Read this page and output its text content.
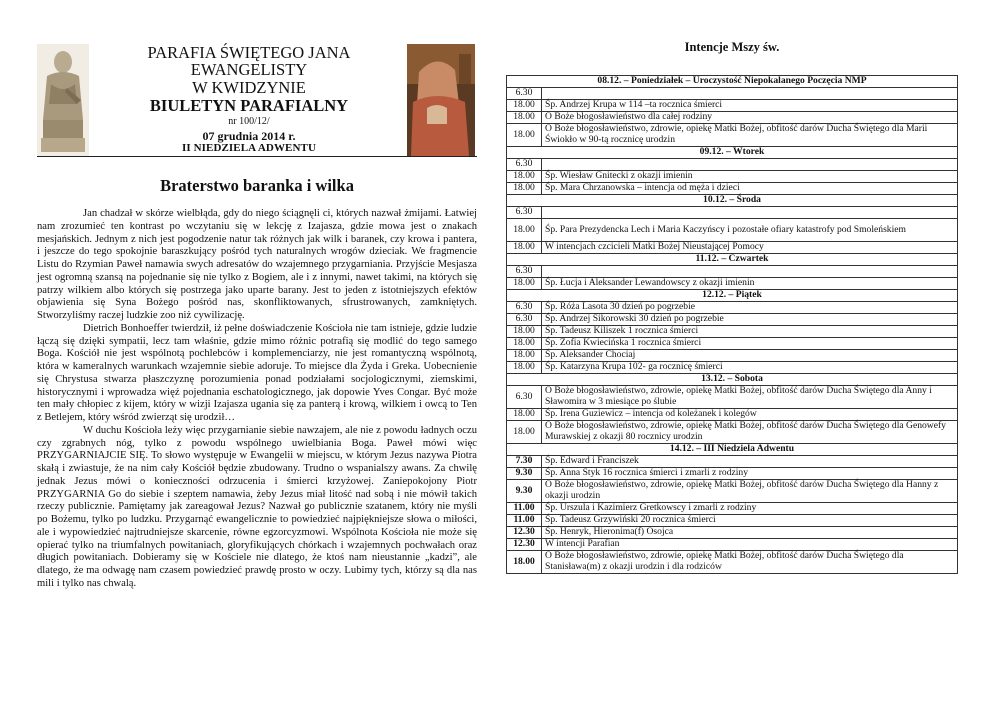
PARAFIA ŚWIĘTEGO JANA EWANGELISTY
W KWIDZYNIE
BIULETYN PARAFIALNY
nr 100/12/
07 grudnia 2014 r.
II NIEDZIELA ADWENTU
Braterstwo baranka i wilka

Jan chadzał w skórze wielbłąda, gdy do niego ściągnęli ci, których nazwał żmijami. Łatwiej nam zrozumieć ten kontrast po wczytaniu się w lekcję z Izajasza, gdzie mowa jest o znakach mesjańskich. Jednym z nich jest pogodzenie natur tak różnych jak wilk i baranek, czy krowa i pantera, i jeszcze do tego spokojnie baraszkujący pośród tych naturalnych wrogów dzieciak. We fragmencie Listu do Rzymian Paweł namawia swych adresatów do wzajemnego przygarniania. Przyjście Mesjasza jest ogromną szansą na pojednanie się nie tylko z Bogiem, ale i z innymi, nawet takimi, na których się patrzy wilkiem albo których się postrzega jako uparte barany. Jest to jeden z istotniejszych efektów objawienia się Syna Bożego pośród nas, skonfliktowanych, sfrustrowanych, zamkniętych. Stworzyliśmy raczej ludzkie zoo niż cywilizację.

Dietrich Bonhoeffer twierdził, iż pełne doświadczenie Kościoła nie tam istnieje, gdzie ludzie łączą się dzięki sympatii, lecz tam właśnie, gdzie mimo różnic potrafią się modlić do tego samego Boga. Kościół nie jest wspólnotą pochlebców i komplemenciarzy, nie jest romantyczną wspólnotą, która w kameralnych warunkach wzajemnie siebie adoruje. To miejsce dla Żyda i Greka. Uobecnienie się Chrystusa stwarza płaszczyznę porozumienia ponad podziałami socjologicznymi, ziemskimi, historycznymi i wprowadza więź pojednania eschatologicznego, jak dopowie Yves Congar. Być może ten mały chłopiec z kijem, który w wizji Izajasza ugania się za panterą i krową, wilkiem i owcą to Ten z Betlejem, który wśród zwierząt się urodził…

W duchu Kościoła leży więc przygarnianie siebie nawzajem, ale nie z powodu ładnych oczu czy zgrabnych nóg, tylko z powodu wspólnego uwielbiania Boga. Paweł mówi więc PRZYGARNIAJCIE SIĘ. To słowo występuje w Ewangelii w miejscu, w którym Jezus nazywa Piotra skałą i zwiastuje, że na nim cały Kościół będzie zbudowany. Trudno o wspanialszy awans. Za chwilę jednak Jezus mówi o konieczności odrzucenia i śmierci krzyżowej. Zaniepokojony Piotr PRZYGARNIA Go do siebie i szeptem namawia, żeby Jezus miał litość nad sobą i nie mówił takich rzeczy publicznie. Pamiętamy jak zareagował Jezus? Nazwał go publicznie szatanem, który nie myśli po Bożemu, tylko po ludzku. Przygarnąć ewangelicznie to powiedzieć najpiękniejsze słowa o miłości, ale i wypowiedzieć najtrudniejsze skarcenie, równe egzorcyzmowi. Wspólnota Kościoła nie może się opierać tylko na triumfalnych powitaniach, gloryfikujących chórkach i wzajemnych pochwałach oraz długich powitaniach. Dobieramy się w Kościele nie dlatego, że ktoś nam nieustannie „kadzi”, ale dlatego, że ma odwagę nam czasem powiedzieć prawdę prosto w oczy. Lubimy tych, którzy są dla nas mili i tylko nas chwalą.

Intencje Mszy św.
08.12. – Poniedziałek – Uroczystość Niepokalanego Poczęcia NMP	
6.30	
18.00	Śp. Andrzej Krupa w 114 –ta rocznica śmierci
18.00	O Boże błogosławieństwo dla całej rodziny
18.00	O Boże błogosławieństwo, zdrowie, opiekę Matki Bożej, obfitość darów Ducha Świętego dla Marii Świokło w 90-tą rocznicę urodzin
09.12. – Wtorek	
6.30	
18.00	Śp. Wiesław Gnitecki z okazji imienin
18.00	Śp. Mara Chrzanowska – intencja od męża i dzieci
10.12. – Środa	
6.30	
18.00	Śp. Para Prezydencka Lech i Maria Kaczyńscy i pozostałe ofiary katastrofy pod Smoleńskiem
18.00	W intencjach czcicieli Matki Bożej Nieustającej Pomocy
11.12. – Czwartek	
6.30	
18.00	Śp. Łucja i Aleksander Lewandowscy z okazji imienin
12.12. – Piątek	
6.30	Śp. Róża Lasota 30 dzień po pogrzebie
6.30	Śp. Andrzej Sikorowski 30 dzień po pogrzebie
18.00	Śp. Tadeusz Kiliszek 1 rocznica śmierci
18.00	Śp. Zofia Kwiecińska 1 rocznica śmierci
18.00	Śp. Aleksander Chociaj
18.00	Śp. Katarzyna Krupa 102- ga rocznicę śmierci
13.12. – Sobota	
6.30	O Boże błogosławieństwo, zdrowie, opiekę Matki Bożej, obfitość darów Ducha Świętego dla Anny i Sławomira w 3 miesiące po ślubie
18.00	Śp. Irena Guziewicz – intencja od koleżanek i kolegów
18.00	O Boże błogosławieństwo, zdrowie, opiekę Matki Bożej, obfitość darów Ducha Świętego dla Genowefy Murawskiej z okazji 80 rocznicy urodzin
14.12. – III Niedziela Adwentu	
7.30	Śp. Edward i Franciszek
9.30	Śp. Anna Styk 16 rocznica śmierci i zmarli z rodziny
9.30	O Boże błogosławieństwo, zdrowie, opiekę Matki Bożej, obfitość darów Ducha Świętego dla Hanny z okazji urodzin
11.00	Śp. Urszula i Kazimierz Gretkowscy i zmarli z rodziny
11.00	Śp. Tadeusz Grzywiński 20 rocznica śmierci
12.30	Śp. Henryk, Hieronima(f) Osojca
12.30	W intencji Parafian
18.00	O Boże błogosławieństwo, zdrowie, opiekę Matki Bożej, obfitość darów Ducha Świętego dla Stanisława(m) z okazji urodzin i dla rodziców
